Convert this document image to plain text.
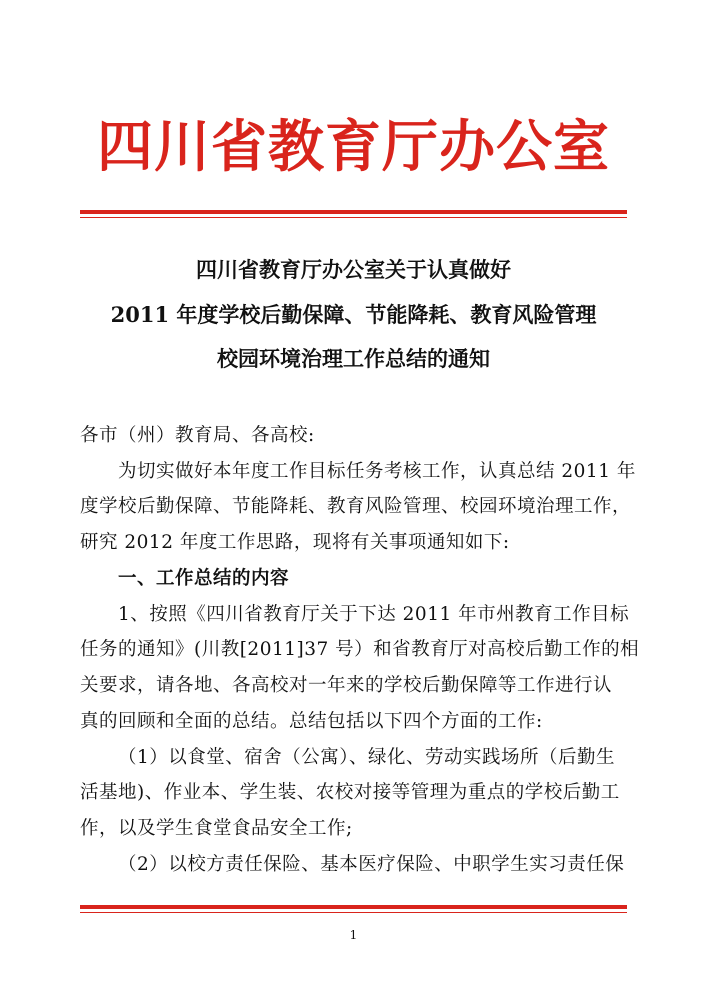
四川省教育厅办公室
四川省教育厅办公室关于认真做好
2011 年度学校后勤保障、节能降耗、教育风险管理
校园环境治理工作总结的通知
各市（州）教育局、各高校:
为切实做好本年度工作目标任务考核工作，认真总结 2011 年
度学校后勤保障、节能降耗、教育风险管理、校园环境治理工作，
研究 2012 年度工作思路，现将有关事项通知如下:
一、工作总结的内容
1、按照《四川省教育厅关于下达 2011 年市州教育工作目标
任务的通知》(川教[2011]37 号）和省教育厅对高校后勤工作的相
关要求，请各地、各高校对一年来的学校后勤保障等工作进行认
真的回顾和全面的总结。总结包括以下四个方面的工作:
（1）以食堂、宿舍（公寓）、绿化、劳动实践场所（后勤生
活基地)、作业本、学生装、农校对接等管理为重点的学校后勤工
作，以及学生食堂食品安全工作;
（2）以校方责任保险、基本医疗保险、中职学生实习责任保
1
